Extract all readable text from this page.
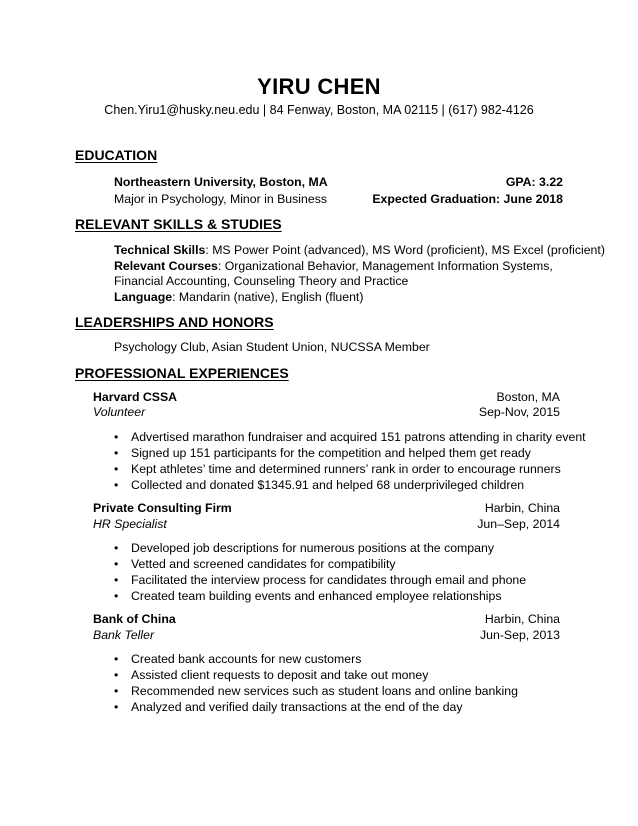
YIRU CHEN
Chen.Yiru1@husky.neu.edu | 84 Fenway, Boston, MA 02115 | (617) 982-4126
EDUCATION
Northeastern University, Boston, MA	GPA: 3.22
Major in Psychology, Minor in Business	Expected Graduation: June 2018
RELEVANT SKILLS & STUDIES
Technical Skills: MS Power Point (advanced), MS Word (proficient), MS Excel (proficient)
Relevant Courses: Organizational Behavior, Management Information Systems,
Financial Accounting, Counseling Theory and Practice
Language: Mandarin (native), English (fluent)
LEADERSHIPS AND HONORS
Psychology Club, Asian Student Union, NUCSSA Member
PROFESSIONAL EXPERIENCES
Harvard CSSA	Boston, MA
Volunteer	Sep-Nov, 2015
• Advertised marathon fundraiser and acquired 151 patrons attending in charity event
• Signed up 151 participants for the competition and helped them get ready
• Kept athletes’ time and determined runners’ rank in order to encourage runners
• Collected and donated $1345.91 and helped 68 underprivileged children
Private Consulting Firm	Harbin, China
HR Specialist	Jun–Sep, 2014
• Developed job descriptions for numerous positions at the company
• Vetted and screened candidates for compatibility
• Facilitated the interview process for candidates through email and phone
• Created team building events and enhanced employee relationships
Bank of China	Harbin, China
Bank Teller	Jun-Sep, 2013
• Created bank accounts for new customers
• Assisted client requests to deposit and take out money
• Recommended new services such as student loans and online banking
• Analyzed and verified daily transactions at the end of the day
